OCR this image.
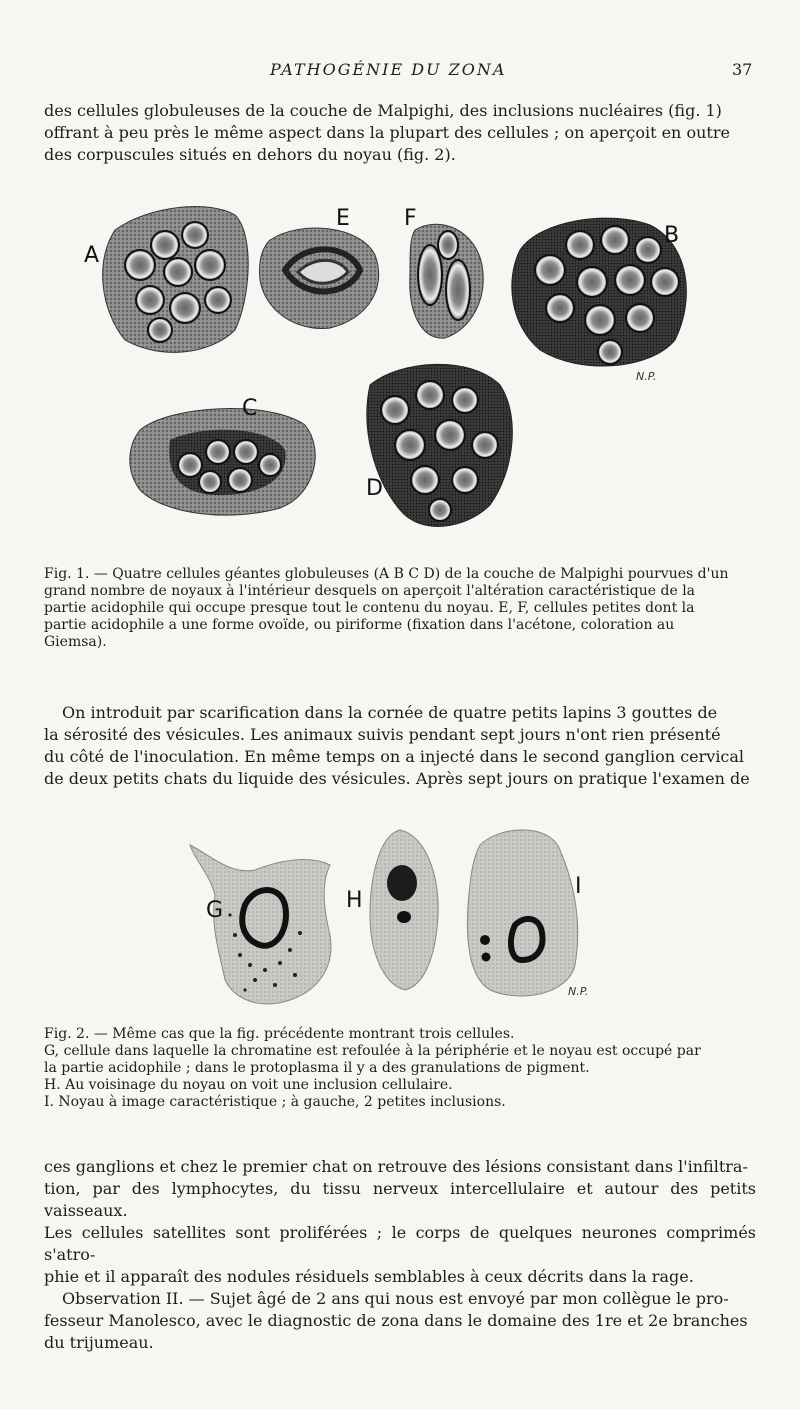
PATHOGÉNIE DU ZONA	37

des cellules globuleuses de la couche de Malpighi, des inclusions nucléaires (fig. 1)

offrant à peu près le même aspect dans la plupart des cellules ; on aperçoit en outre

des corpuscules situés en dehors du noyau (fig. 2).

A
E F
B
N.P.
C
D

Fig. 1. — Quatre cellules géantes globuleuses (A B C D) de la couche de Malpighi pourvues d'un

grand nombre de noyaux à l'intérieur desquels on aperçoit l'altération caractéristique de la

partie acidophile qui occupe presque tout le contenu du noyau. E, F, cellules petites dont la

partie acidophile a une forme ovoïde, ou piriforme (fixation dans l'acétone, coloration au

Giemsa).

On introduit par scarification dans la cornée de quatre petits lapins 3 gouttes de

la sérosité des vésicules. Les animaux suivis pendant sept jours n'ont rien présenté

du côté de l'inoculation. En même temps on a injecté dans le second ganglion cervical

de deux petits chats du liquide des vésicules. Après sept jours on pratique l'examen de

G	H
I
N.P.

Fig. 2. — Même cas que la fig. précédente montrant trois cellules.

G, cellule dans laquelle la chromatine est refoulée à la périphérie et le noyau est occupé par

la partie acidophile ; dans le protoplasma il y a des granulations de pigment.

H. Au voisinage du noyau on voit une inclusion cellulaire.

I. Noyau à image caractéristique ; à gauche, 2 petites inclusions.

ces ganglions et chez le premier chat on retrouve des lésions consistant dans l'infiltra-

tion, par des lymphocytes, du tissu nerveux intercellulaire et autour des petits vaisseaux.

Les cellules satellites sont proliférées ; le corps de quelques neurones comprimés s'atro-

phie et il apparaît des nodules résiduels semblables à ceux décrits dans la rage.

Observation II. — Sujet âgé de 2 ans qui nous est envoyé par mon collègue le pro-

fesseur Manolesco, avec le diagnostic de zona dans le domaine des 1re et 2e branches

du trijumeau.
